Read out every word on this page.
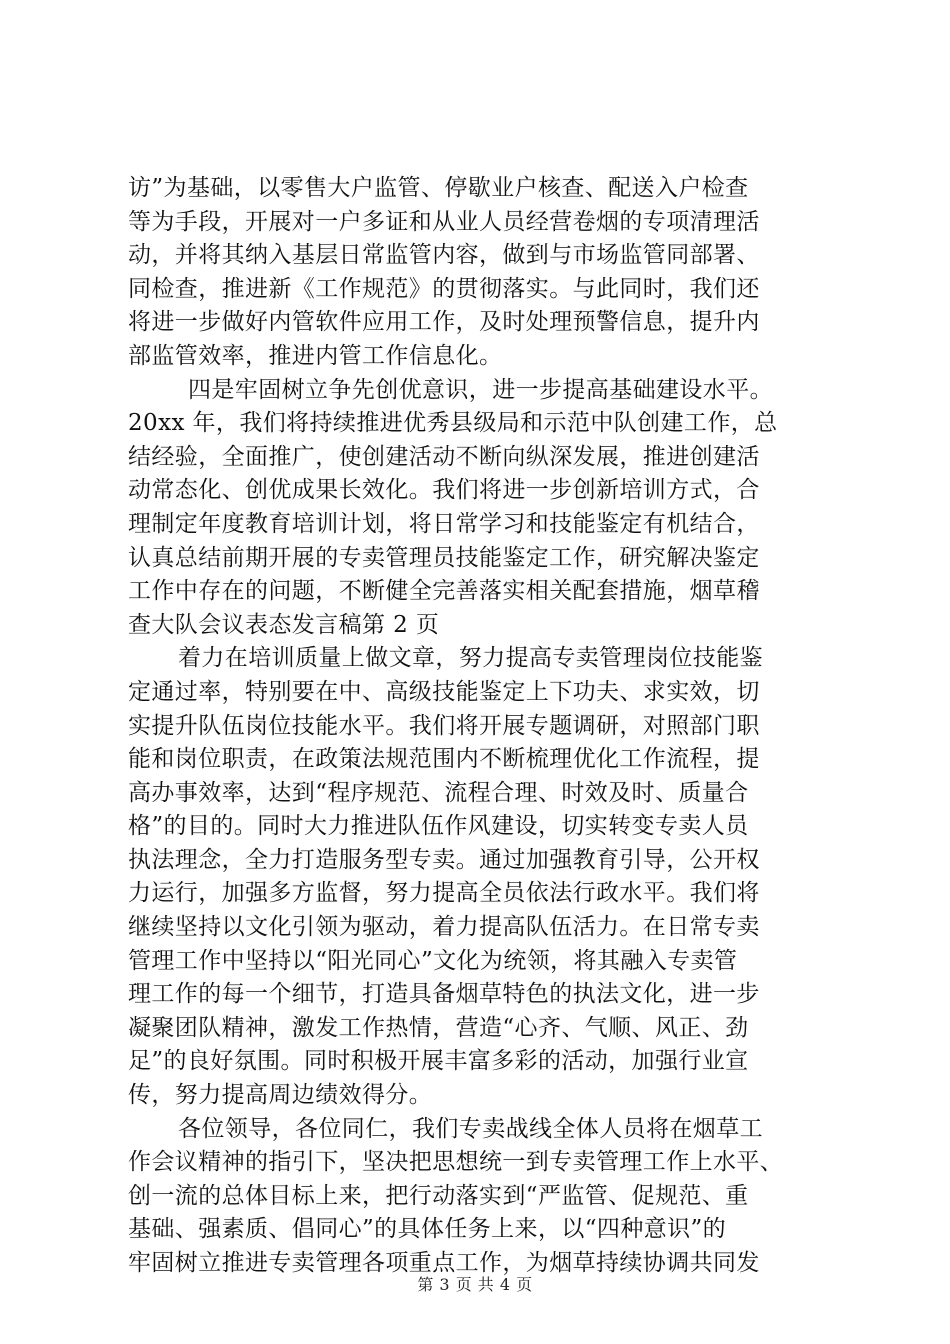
访”为基础，以零售大户监管、停歇业户核查、配送入户检查
等为手段，开展对一户多证和从业人员经营卷烟的专项清理活
动，并将其纳入基层日常监管内容，做到与市场监管同部署、
同检查，推进新《工作规范》的贯彻落实。与此同时，我们还
将进一步做好内管软件应用工作，及时处理预警信息，提升内
部监管效率，推进内管工作信息化。
四是牢固树立争先创优意识，进一步提高基础建设水平。
20xx 年，我们将持续推进优秀县级局和示范中队创建工作，总
结经验，全面推广，使创建活动不断向纵深发展，推进创建活
动常态化、创优成果长效化。我们将进一步创新培训方式，合
理制定年度教育培训计划，将日常学习和技能鉴定有机结合，
认真总结前期开展的专卖管理员技能鉴定工作，研究解决鉴定
工作中存在的问题，不断健全完善落实相关配套措施，烟草稽
查大队会议表态发言稿第 2 页
着力在培训质量上做文章，努力提高专卖管理岗位技能鉴
定通过率，特别要在中、高级技能鉴定上下功夫、求实效，切
实提升队伍岗位技能水平。我们将开展专题调研，对照部门职
能和岗位职责，在政策法规范围内不断梳理优化工作流程，提
高办事效率，达到“程序规范、流程合理、时效及时、质量合
格”的目的。同时大力推进队伍作风建设，切实转变专卖人员
执法理念，全力打造服务型专卖。通过加强教育引导，公开权
力运行，加强多方监督，努力提高全员依法行政水平。我们将
继续坚持以文化引领为驱动，着力提高队伍活力。在日常专卖
管理工作中坚持以“阳光同心”文化为统领，将其融入专卖管
理工作的每一个细节，打造具备烟草特色的执法文化，进一步
凝聚团队精神，激发工作热情，营造“心齐、气顺、风正、劲
足”的良好氛围。同时积极开展丰富多彩的活动，加强行业宣
传，努力提高周边绩效得分。
各位领导，各位同仁，我们专卖战线全体人员将在烟草工
作会议精神的指引下，坚决把思想统一到专卖管理工作上水平、
创一流的总体目标上来，把行动落实到“严监管、促规范、重
基础、强素质、倡同心”的具体任务上来，以“四种意识”的
牢固树立推进专卖管理各项重点工作，为烟草持续协调共同发
第 3 页 共 4 页
